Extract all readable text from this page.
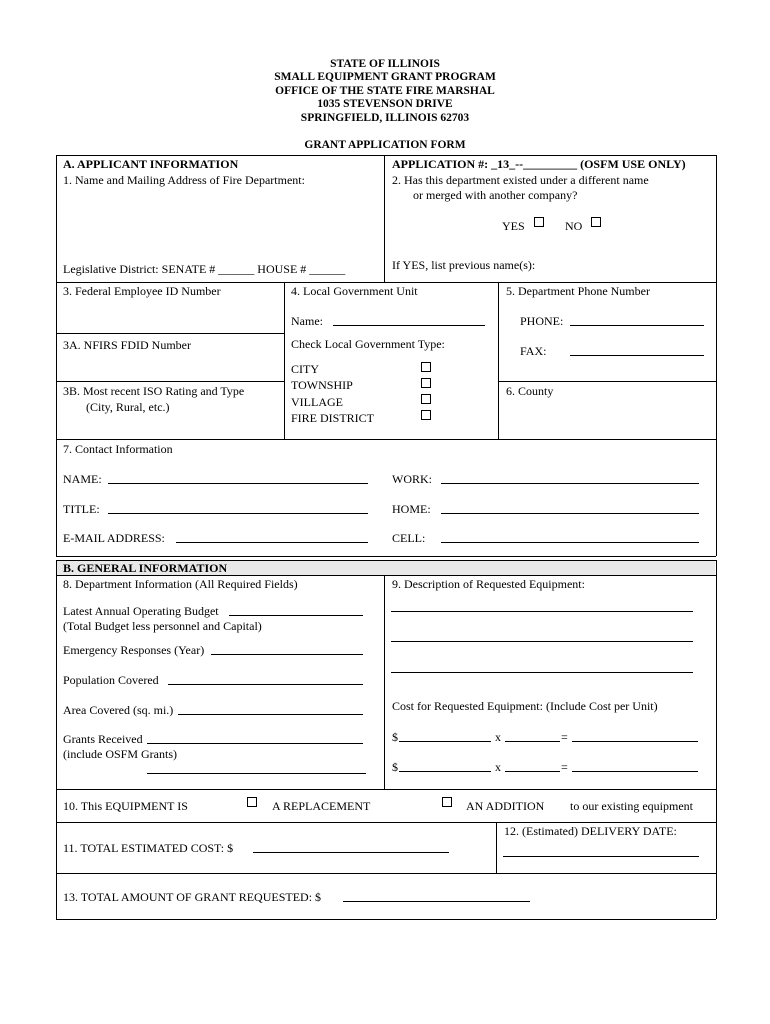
STATE OF ILLINOIS
SMALL EQUIPMENT GRANT PROGRAM
OFFICE OF THE STATE FIRE MARSHAL
1035 STEVENSON DRIVE
SPRINGFIELD, ILLINOIS 62703
GRANT APPLICATION FORM
A. APPLICANT INFORMATION	APPLICATION #: _13_--_________ (OSFM USE ONLY)
1. Name and Mailing Address of Fire Department:	2. Has this department existed under a different name
or merged with another company?
YES	NO
Legislative District: SENATE # ______ HOUSE # ______	If YES, list previous name(s):
3. Federal Employee ID Number	4. Local Government Unit	5. Department Phone Number
Name:	PHONE:
3A. NFIRS FDID Number	Check Local Government Type:	FAX:
CITY
TOWNSHIP
VILLAGE
FIRE DISTRICT
3B. Most recent ISO Rating and Type
(City, Rural, etc.)
6. County
7. Contact Information
NAME:	WORK:
TITLE:	HOME:
E-MAIL ADDRESS:	CELL:
B. GENERAL INFORMATION
8. Department Information (All Required Fields)	9. Description of Requested Equipment:
Latest Annual Operating Budget
(Total Budget less personnel and Capital)
Emergency Responses (Year)
Population Covered
Area Covered (sq. mi.)
Grants Received
(include OSFM Grants)
Cost for Requested Equipment: (Include Cost per Unit)
$	x	=
$	x	=
10. This EQUIPMENT IS	A REPLACEMENT	AN ADDITION to our existing equipment
11. TOTAL ESTIMATED COST: $
12. (Estimated) DELIVERY DATE:
13. TOTAL AMOUNT OF GRANT REQUESTED: $
